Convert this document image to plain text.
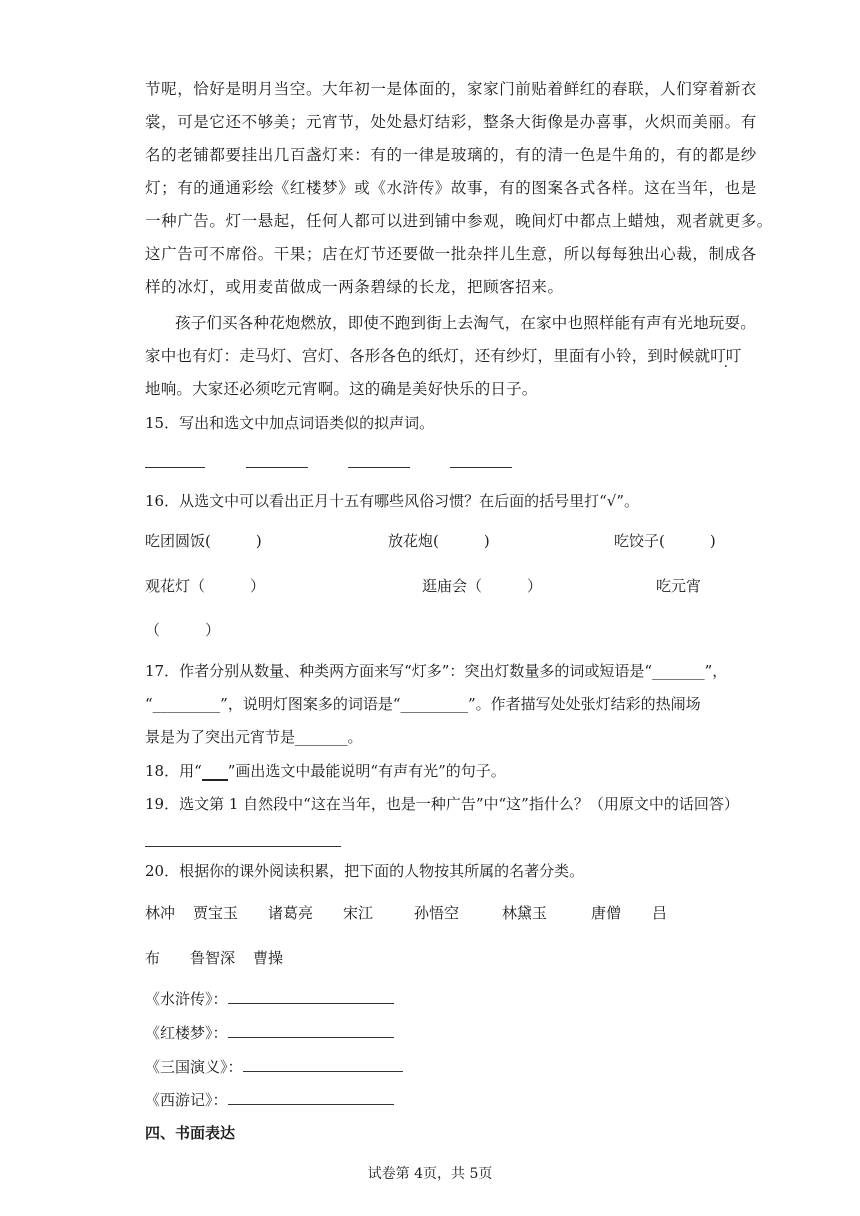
节呢，恰好是明月当空。大年初一是体面的，家家门前贴着鲜红的春联，人们穿着新衣
裳，可是它还不够美；元宵节，处处悬灯结彩，整条大街像是办喜事，火炽而美丽。有
名的老铺都要挂出几百盏灯来：有的一律是玻璃的，有的清一色是牛角的，有的都是纱
灯；有的通通彩绘《红楼梦》或《水浒传》故事，有的图案各式各样。这在当年，也是
一种广告。灯一悬起，任何人都可以进到铺中参观，晚间灯中都点上蜡烛，观者就更多。
这广告可不席俗。干果；店在灯节还要做一批杂拌儿生意，所以每每独出心裁，制成各
样的冰灯，或用麦苗做成一两条碧绿的长龙，把顾客招来。
孩子们买各种花炮燃放，即使不跑到街上去淘气，在家中也照样能有声有光地玩耍。
家中也有灯：走马灯、宫灯、各形各色的纸灯，还有纱灯，里面有小铃，到时候就叮叮
地响。大家还必须吃元宵啊。这的确是美好快乐的日子。
15．写出和选文中加点词语类似的拟声词。
16．从选文中可以看出正月十五有哪些风俗习惯？在后面的括号里打“√”。
吃团圆饭(　　　)	放花炮(　　　)	吃饺子(　　　)
观花灯（　　　）	逛庙会（　　　）	吃元宵
（　　　）
17．作者分别从数量、种类两方面来写“灯多”：突出灯数量多的词或短语是“_______”，
“_________”，说明灯图案多的词语是“_________”。作者描写处处张灯结彩的热闹场
景是为了突出元宵节是_______。
18．用“ ”画出选文中最能说明“有声有光”的句子。
19．选文第 1 自然段中“这在当年，也是一种广告”中“这”指什么？（用原文中的话回答）
20．根据你的课外阅读积累，把下面的人物按其所属的名著分类。
林冲 贾宝玉 诸葛亮 宋江	孙悟空	林黛玉	唐僧 吕
布 鲁智深 曹操
《水浒传》：
《红楼梦》：
《三国演义》：
《西游记》：
四、书面表达
试卷第 4页，共 5页
